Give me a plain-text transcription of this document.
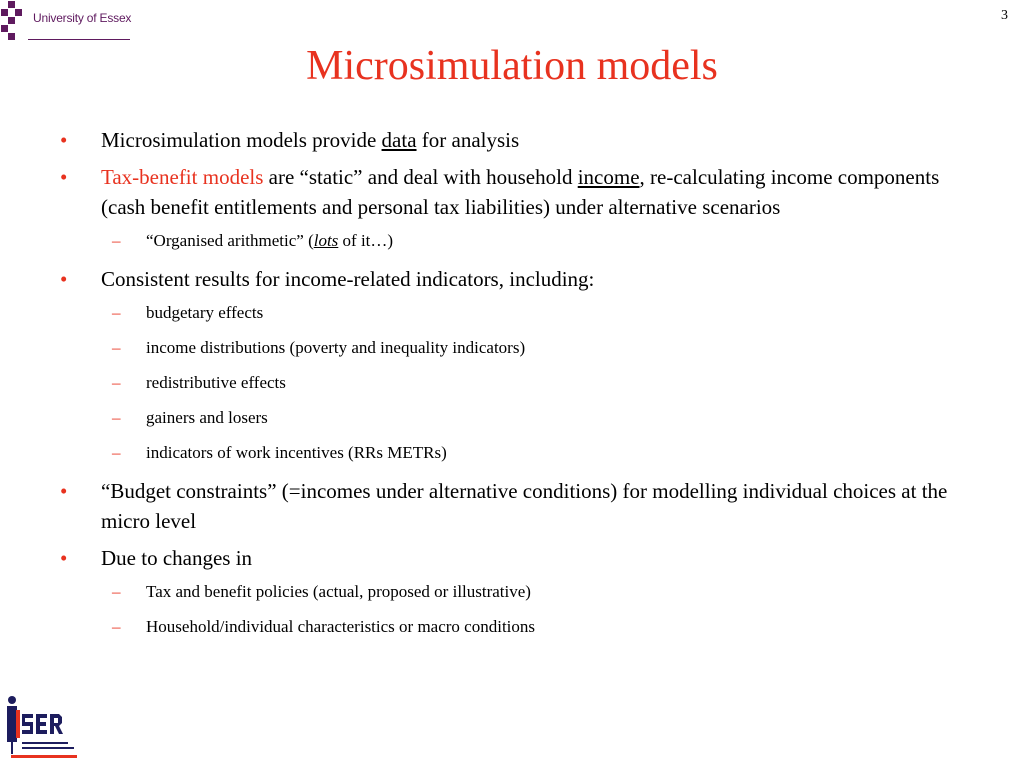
University of Essex	3
Microsimulation models
•	Microsimulation models provide data for analysis
•	Tax-benefit models are “static” and deal with household income, re-calculating income components (cash benefit entitlements and personal tax liabilities) under alternative scenarios
–	“Organised arithmetic” (lots of it…)
•	Consistent results for income-related indicators, including:
–	budgetary effects
–	income distributions (poverty and inequality indicators)
–	redistributive effects
–	gainers and losers
–	indicators of work incentives (RRs METRs)
•	“Budget constraints” (=incomes under alternative conditions) for modelling individual choices at the micro level
•	Due to changes in
–	Tax and benefit policies (actual, proposed or illustrative)
–	Household/individual characteristics or macro conditions
